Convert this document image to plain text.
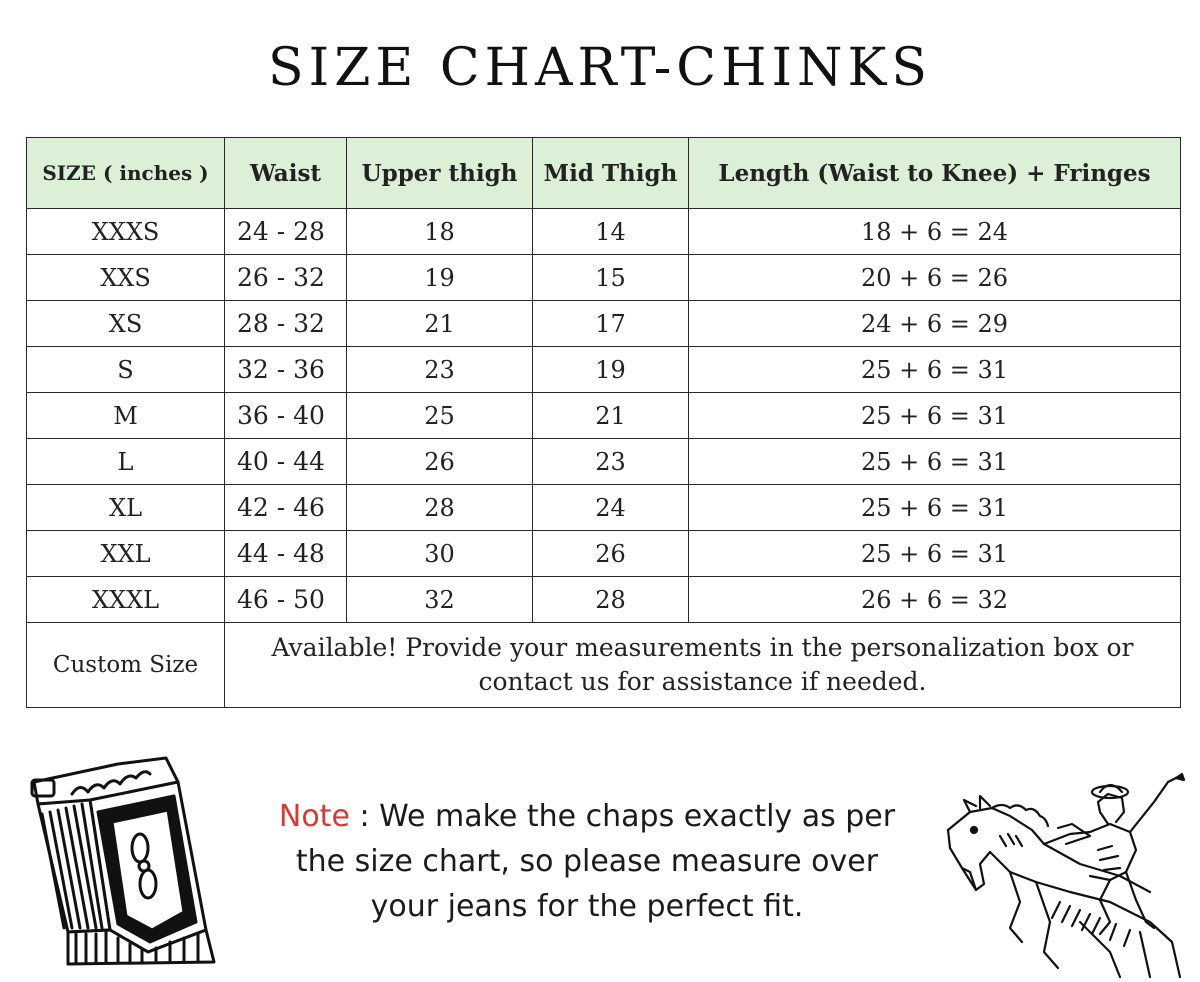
SIZE CHART-CHINKS
SIZE ( inches )	Waist	Upper thigh	Mid Thigh	Length (Waist to Knee) + Fringes
XXXS	24 - 28	18	14	18 + 6 = 24
XXS	26 - 32	19	15	20 + 6 = 26
XS	28 - 32	21	17	24 + 6 = 29
S	32 - 36	23	19	25 + 6 = 31
M	36 - 40	25	21	25 + 6 = 31
L	40 - 44	26	23	25 + 6 = 31
XL	42 - 46	28	24	25 + 6 = 31
XXL	44 - 48	30	26	25 + 6 = 31
XXXL	46 - 50	32	28	26 + 6 = 32
Custom Size	Available! Provide your measurements in the personalization box or contact us for assistance if needed.			
Note : We make the chaps exactly as per the size chart, so please measure over your jeans for the perfect fit.
